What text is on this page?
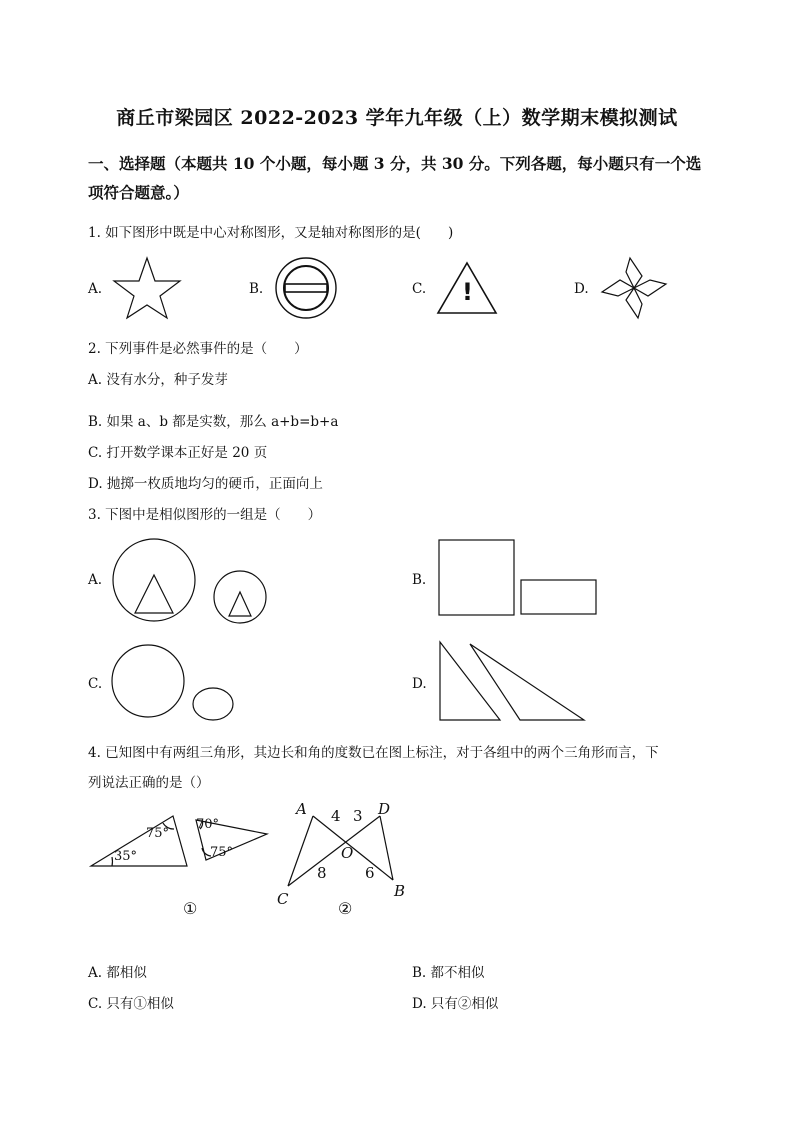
商丘市梁园区 2022-2023 学年九年级（上）数学期末模拟测试
一、选择题（本题共 10 个小题，每小题 3 分，共 30 分。下列各题，每小题只有一个选
项符合题意。）
1. 如下图形中既是中心对称图形，又是轴对称图形的是(　　)
A.	B.	C. !	D.
2. 下列事件是必然事件的是（　　）
A. 没有水分，种子发芽
B. 如果 a、b 都是实数，那么 a+b=b+a
C. 打开数学课本正好是 20 页
D. 抛掷一枚质地均匀的硬币，正面向上
3. 下图中是相似图形的一组是（　　）
A.	B.
C.	D.
4. 已知图中有两组三角形，其边长和角的度数已在图上标注，对于各组中的两个三角形而言，下
列说法正确的是（）
75°
35°
70°
75°
①
A	D
O
C	B
4 3
8	6
②
A. 都相似	B. 都不相似
C. 只有①相似	D. 只有②相似
